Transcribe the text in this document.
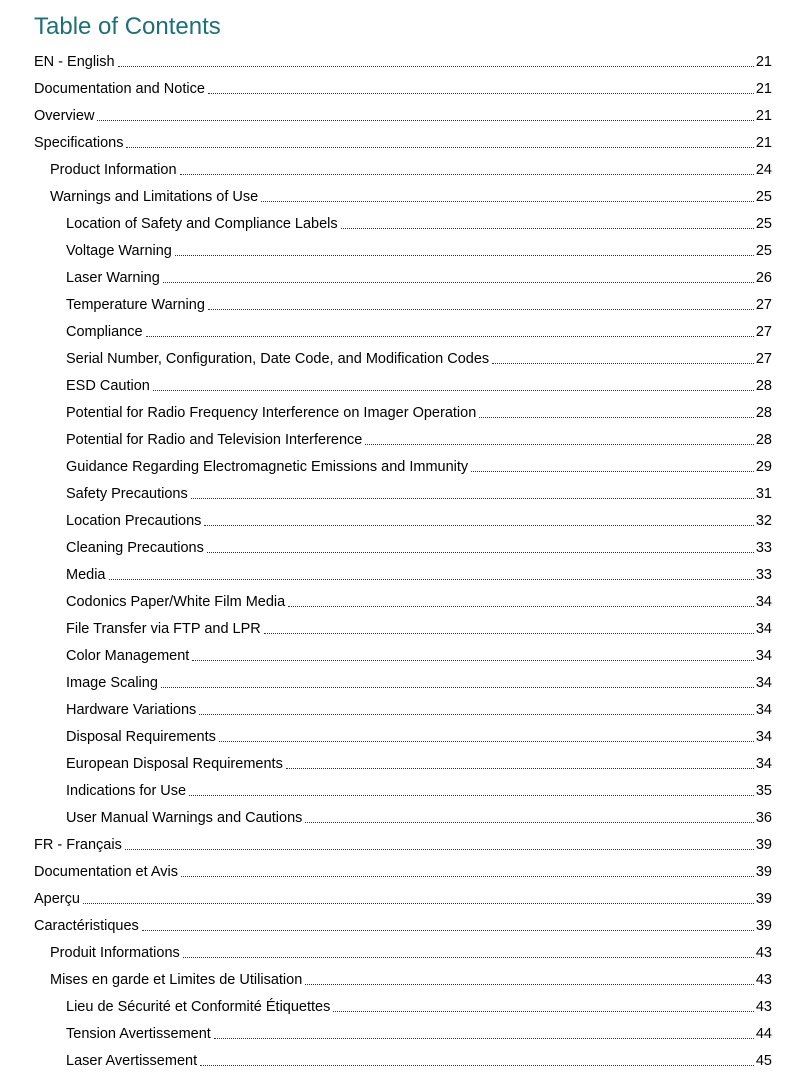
Table of Contents
EN - English	21
Documentation and Notice	21
Overview	21
Specifications	21
Product Information	24
Warnings and Limitations of Use	25
Location of Safety and Compliance Labels	25
Voltage Warning	25
Laser Warning	26
Temperature Warning	27
Compliance	27
Serial Number, Configuration, Date Code, and Modification Codes	27
ESD Caution	28
Potential for Radio Frequency Interference on Imager Operation	28
Potential for Radio and Television Interference	28
Guidance Regarding Electromagnetic Emissions and Immunity	29
Safety Precautions	31
Location Precautions	32
Cleaning Precautions	33
Media	33
Codonics Paper/White Film Media	34
File Transfer via FTP and LPR	34
Color Management	34
Image Scaling	34
Hardware Variations	34
Disposal Requirements	34
European Disposal Requirements	34
Indications for Use	35
User Manual Warnings and Cautions	36
FR - Français	39
Documentation et Avis	39
Aperçu	39
Caractéristiques	39
Produit Informations	43
Mises en garde et Limites de Utilisation	43
Lieu de Sécurité et Conformité Étiquettes	43
Tension Avertissement	44
Laser Avertissement	45
